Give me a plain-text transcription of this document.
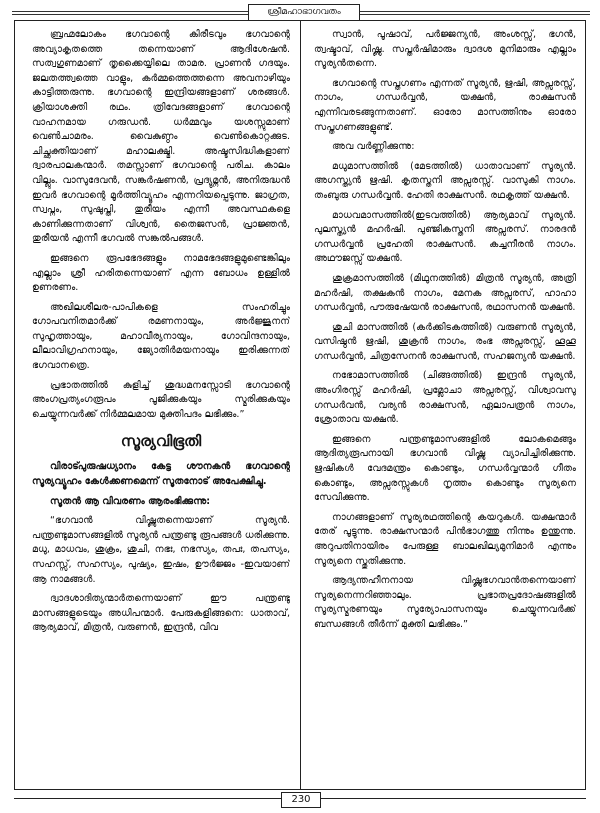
ശ്രീമഹാഭാഗവതം

ബ്രഹ്മലോകം ഭഗവാന്റെ കിരീടവും ഭഗവാന്റെ അവ്യാകൃതത്തെ തന്നെയാണ് ആദിശേഷൻ. സത്വഗുണമാണ് തൃക്കൈയ്യിലെ താമര. പ്രാണൻ ഗദയും. ജലതത്ത്വത്തെ വാളും, കർമ്മത്തെത്തന്നെ അവനാഴിയും കാട്ടിത്തരുന്നു. ഭഗവാന്റെ ഇന്ദ്രിയങ്ങളാണ് ശരങ്ങൾ. ക്രിയാശക്തി രഥം. ത്രിവേദങ്ങളാണ് ഭഗവാന്റെ വാഹനമായ ഗരുഡൻ. ധർമ്മവും യശസ്സുമാണ് വെൺചാമരം. വൈകുണ്ഠം വെൺകൊറ്റക്കുട. ചിച്ഛക്തിയാണ് മഹാലക്ഷ്മി. അഷ്ടസിദ്ധികളാണ് ദ്വാരപാലകന്മാർ. തമസ്സാണ് ഭഗവാന്റെ പരിച. കാലം വില്ലും. വാസുദേവൻ, സങ്കർഷണൻ, പ്രദ്യുമ്നൻ, അനിരുദ്ധൻ ഇവർ ഭഗവാന്റെ മൂർത്തിവ്യൂഹം എന്നറിയപ്പെടുന്നു. ജാഗ്രത, സ്വപ്നം, സുഷുപ്തി, തുരീയം എന്നീ അവസ്ഥകളെ കാണിക്കുന്നതാണ് വിശ്വൻ, തൈജസൻ, പ്രാജ്ഞൻ, തുരീയൻ എന്നീ ഭഗവൽ സങ്കൽപങ്ങൾ.

ഇങ്ങനെ രൂപഭേദങ്ങളും നാമഭേദങ്ങളുമുണ്ടെങ്കിലും എല്ലാം ശ്രീ ഹരിതന്നെയാണ് എന്ന ബോധം ഉള്ളിൽ ഉണരണം.

അഖിലശീലര-പാപികളെ സംഹരിച്ചും ഗോപവനിതമാർക്ക് രമണനായും, അർജ്ജുനന് സുഹൃത്തായും, മഹാവീര്യനായും, ഗോവിന്ദനായും, ലീലാവിഗ്രഹനായും, ജ്യോതിർമയനായും ഇരിക്കുന്നത് ഭഗവാനത്രെ.

പ്രഭാതത്തിൽ കുളിച്ച് ശുദ്ധമനസ്സോടി ഭഗവാന്റെ അംഗപ്രത്യംഗരൂപം പൂജിക്കുകയും സ്മരിക്കുകയും ചെയ്യുന്നവർക്ക് നിർമ്മലമായ മുക്തിപദം ലഭിക്കും.”

സൂര്യവിഭൂതി

വിരാട്പുരുഷധ്യാനം കേട്ട ശൗനകൻ ഭഗവാന്റെ സൂര്യവ്യൂഹം കേൾക്കണമെന്ന് സൂതനോട് അപേക്ഷിച്ചു.

സൂതൻ ആ വിവരണം ആരംഭിക്കുന്നു:

“ഭഗവാൻ വിഷ്ണുതന്നെയാണ് സൂര്യൻ. പന്ത്രണ്ടുമാസങ്ങളിൽ സൂര്യൻ പന്ത്രണ്ടു രൂപങ്ങൾ ധരിക്കുന്നു. മധു, മാധവം, ശുക്രം, ശുചി, നഭഃ, നഭസ്യം, തപഃ, തപസ്യം, സഹസ്സ്, സഹസ്യം, പുഷ്യം, ഇഷം, ഊർജ്ജം -ഇവയാണ് ആ നാമങ്ങൾ.

ദ്വാദശാദിത്യന്മാർതന്നെയാണ് ഈ പന്ത്രണ്ടു മാസങ്ങളുടെയും അധിപന്മാർ. പേരുകളിങ്ങനെ: ധാതാവ്, ആര്യമാവ്, മിത്രൻ, വരുണൻ, ഇന്ദ്രൻ, വിവ

സ്വാൻ, പൂഷാവ്, പർജ്ജന്യൻ, അംശസ്സ്, ഭഗൻ, ത്വഷ്ടാവ്, വിഷ്ണു. സപ്തർഷിമാരും ദ്വാദശ മുനിമാരും എല്ലാം സൂര്യൻതന്നെ.

ഭഗവാന്റെ സപ്തഗണം എന്നത് സൂര്യൻ, ഋഷി, അപ്സരസ്സ്, നാഗം, ഗന്ധർവ്വൻ, യക്ഷൻ, രാക്ഷസൻ എന്നിവരടങ്ങുന്നതാണ്. ഓരോ മാസത്തിനും ഓരോ സപ്തഗണങ്ങളുണ്ട്.

അവ വർണ്ണിക്കുന്നു:

മധുമാസത്തിൽ (മേടത്തിൽ) ധാതാവാണ് സൂര്യൻ. അഗസ്ത്യൻ ഋഷി. കൃതസ്തനി അപ്സരസ്സ്. വാസുകി നാഗം. തംബുരു ഗന്ധർവ്വൻ. ഹേതി രാക്ഷസൻ. രഥകൃത്ത് യക്ഷൻ.

മാധവമാസത്തിൽ(ഇടവത്തിൽ) ആര്യമാവ് സൂര്യൻ. പുലസ്ത്യൻ മഹർഷി. പുഞ്ജികസ്തനി അപ്സരസ്. നാരദൻ ഗന്ധർവ്വൻ പ്രഹേതി രാക്ഷസൻ. കച്ചനീരൻ നാഗം. അഥൗജസ്സ് യക്ഷൻ.

ശുക്രമാസത്തിൽ (മിഥുനത്തിൽ) മിത്രൻ സൂര്യൻ, അത്രി മഹർഷി, തക്ഷകൻ നാഗം, മേനക അപ്സരസ്, ഹാഹാ ഗന്ധർവ്വൻ, പൗരുഷേയൻ രാക്ഷസൻ, രഥാസനൻ യക്ഷൻ.

ശുചി മാസത്തിൽ (കർക്കിടകത്തിൽ) വരുണൻ സൂര്യൻ, വസിഷ്ഠൻ ഋഷി, ശുക്രൻ നാഗം, രംഭ അപ്സരസ്സ്, ഹൂഹൂ ഗന്ധർവ്വൻ, ചിത്രസേനൻ രാക്ഷസൻ, സഹജന്യൻ യക്ഷൻ.

നഭോമാസത്തിൽ (ചിങ്ങത്തിൽ) ഇന്ദ്രൻ സൂര്യൻ, അംഗിരസ്സ് മഹർഷി, പ്രമ്ലോചാ അപ്സരസ്സ്, വിശ്വാവസു ഗന്ധർവൻ, വര്യൻ രാക്ഷസൻ, ഏലാപത്രൻ നാഗം, ശ്രോതാവ യക്ഷൻ.

ഇങ്ങനെ പന്ത്രണ്ടുമാസങ്ങളിൽ ലോകമെങ്ങും ആദിത്യരൂപനായി ഭഗവാൻ വിഷ്ണു വ്യാപിച്ചിരിക്കുന്നു. ഋഷികൾ വേദമന്ത്രം കൊണ്ടും, ഗന്ധർവ്വന്മാർ ഗീതം കൊണ്ടും, അപ്സരസ്സുകൾ നൃത്തം കൊണ്ടും സൂര്യനെ സേവിക്കുന്നു.

നാഗങ്ങളാണ് സൂര്യരഥത്തിന്റെ കയറുകൾ. യക്ഷന്മാർ തേര് പൂട്ടുന്നു. രാക്ഷസന്മാർ പിൻഭാഗത്തു നിന്നും ഉന്തുന്നു. അറുപതിനായിരം പേരുള്ള ബാലഖില്യമുനിമാർ എന്നും സൂര്യനെ സ്തുതിക്കുന്നു.

ആദ്യന്തഹീനനായ വിഷ്ണുഭഗവാൻതന്നെയാണ് സൂര്യനെന്നറിഞ്ഞാലും. പ്രഭാതപ്രദോഷങ്ങളിൽ സൂര്യസ്മരണയും സൂര്യോപാസനയും ചെയ്യുന്നവർക്ക് ബന്ധങ്ങൾ തീർന്ന് മുക്തി ലഭിക്കും.”

230
